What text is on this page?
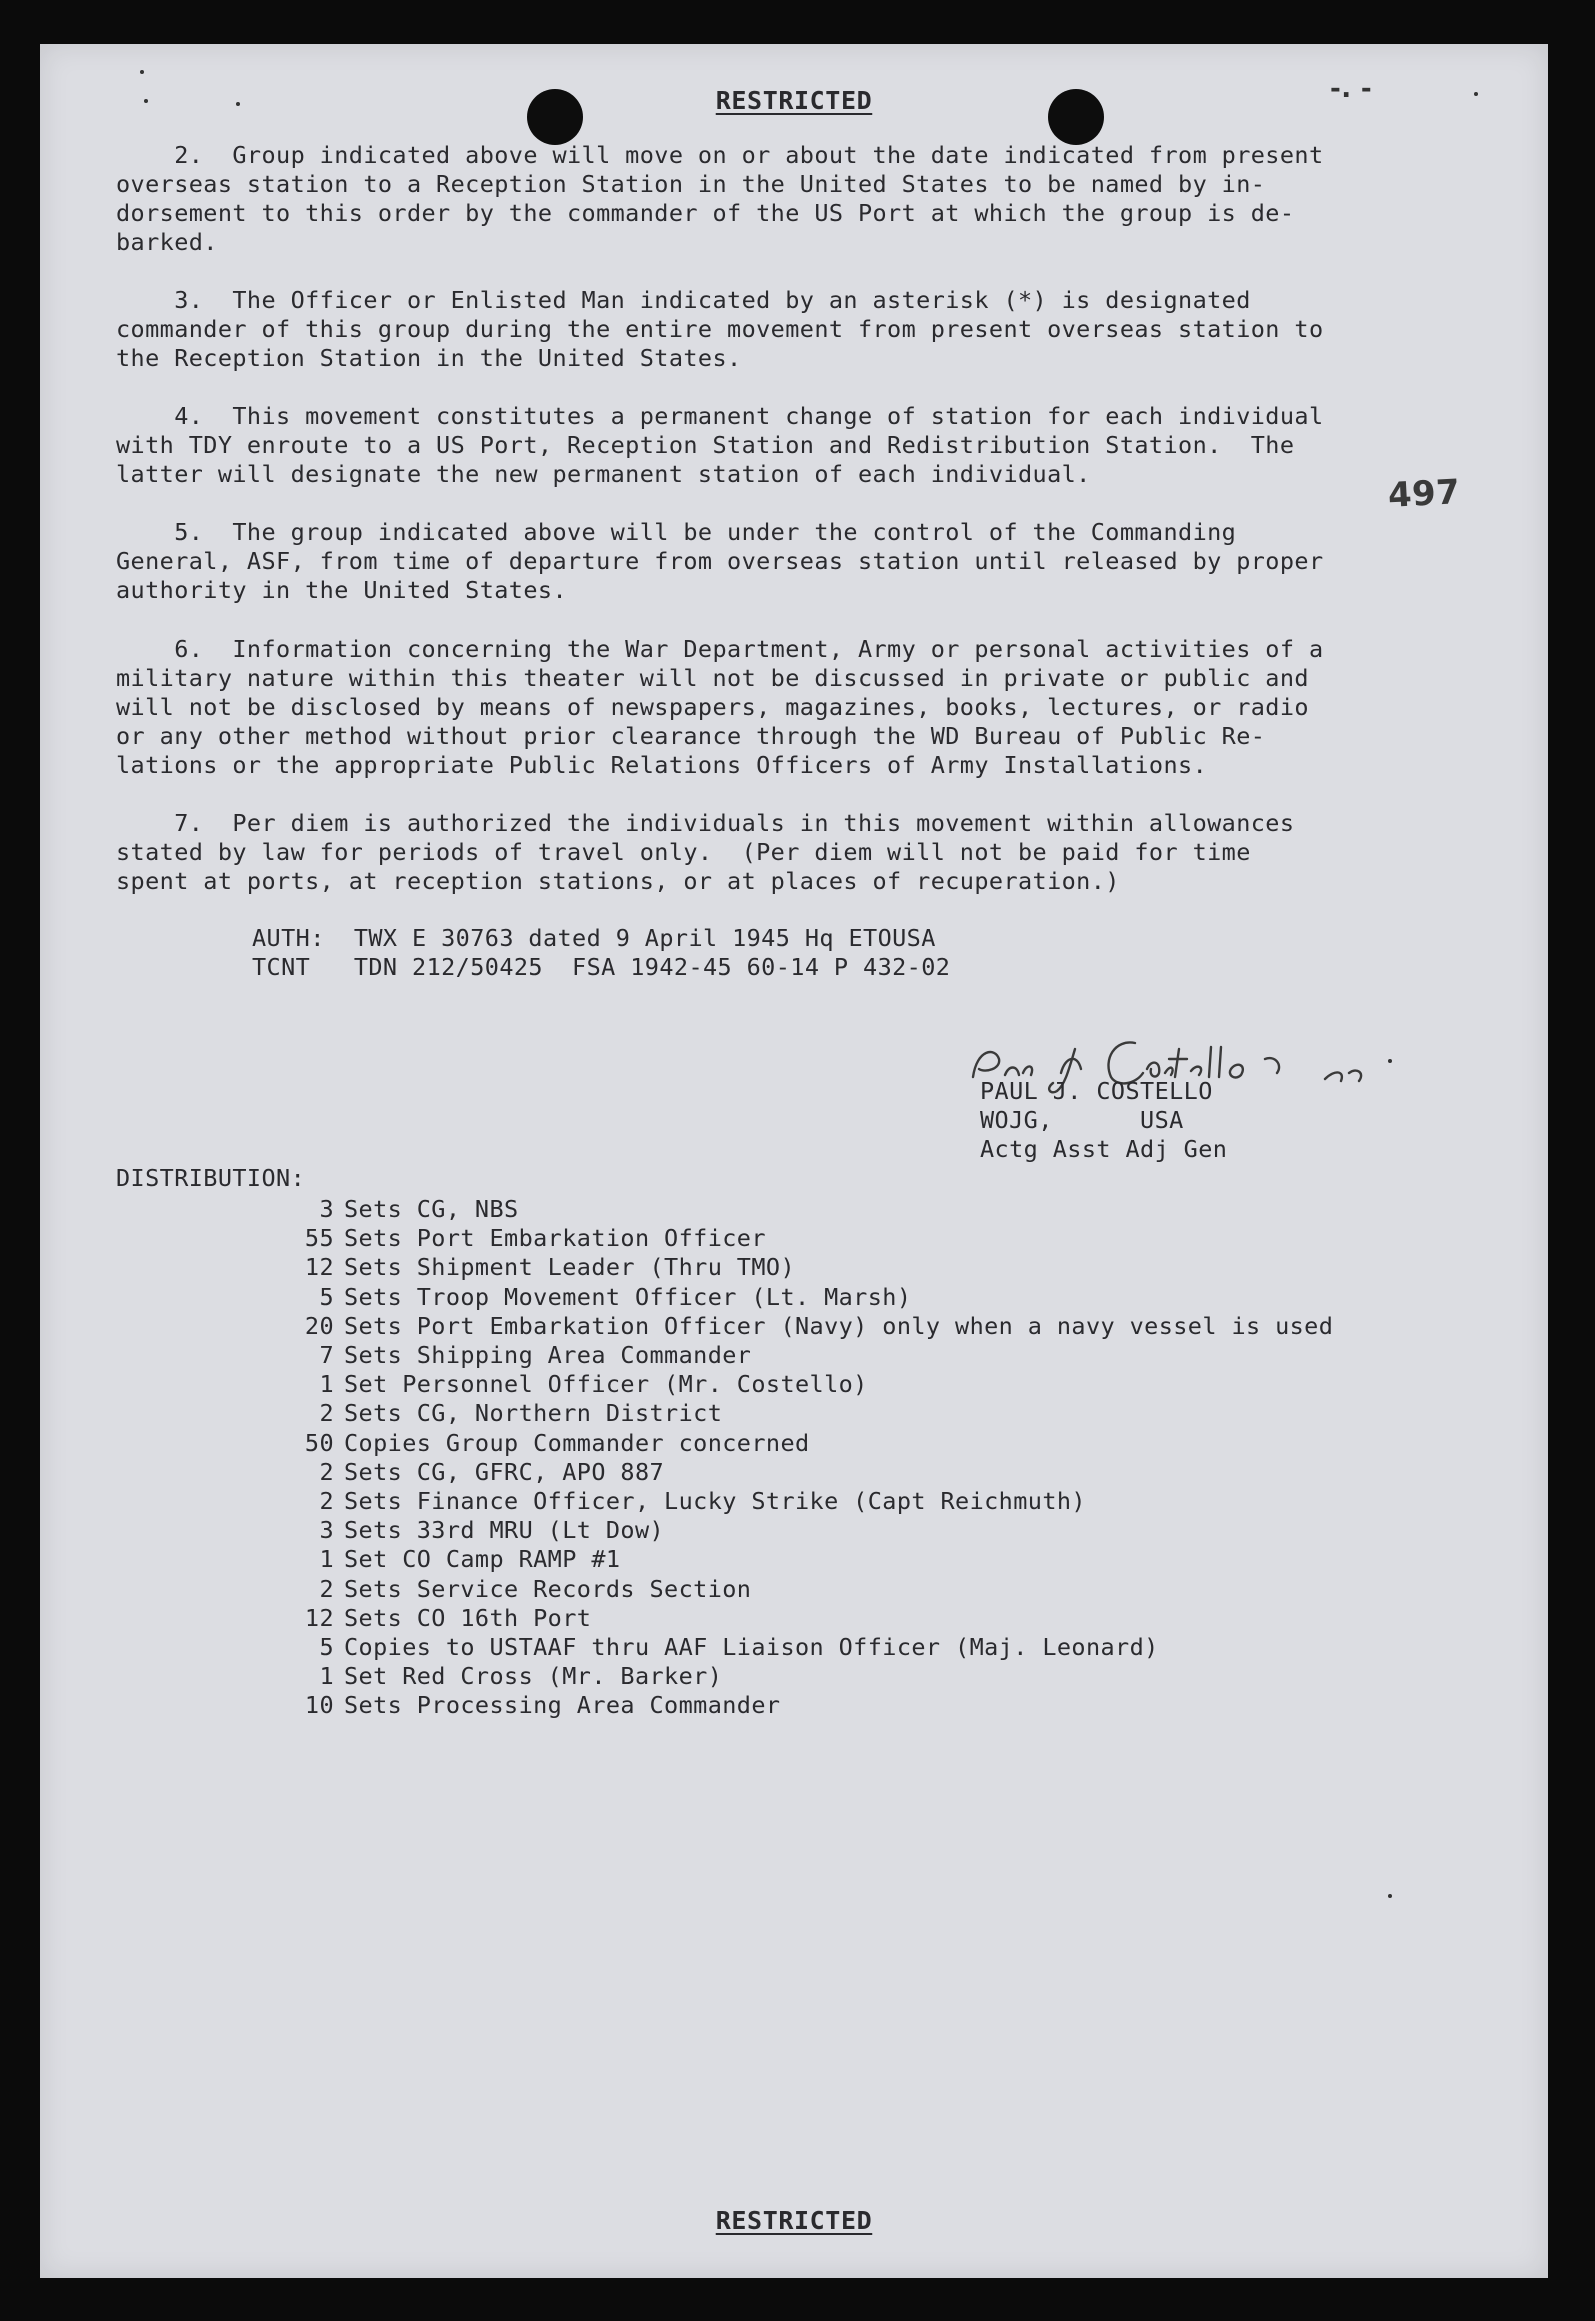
-. -
RESTRICTED
2.  Group indicated above will move on or about the date indicated from present
overseas station to a Reception Station in the United States to be named by in-
dorsement to this order by the commander of the US Port at which the group is de-
barked.
3.  The Officer or Enlisted Man indicated by an asterisk (*) is designated
commander of this group during the entire movement from present overseas station to
the Reception Station in the United States.
4.  This movement constitutes a permanent change of station for each individual
with TDY enroute to a US Port, Reception Station and Redistribution Station.  The
latter will designate the new permanent station of each individual.	497
5.  The group indicated above will be under the control of the Commanding
General, ASF, from time of departure from overseas station until released by proper
authority in the United States.
6.  Information concerning the War Department, Army or personal activities of a
military nature within this theater will not be discussed in private or public and
will not be disclosed by means of newspapers, magazines, books, lectures, or radio
or any other method without prior clearance through the WD Bureau of Public Re-
lations or the appropriate Public Relations Officers of Army Installations.
7.  Per diem is authorized the individuals in this movement within allowances
stated by law for periods of travel only.  (Per diem will not be paid for time
spent at ports, at reception stations, or at places of recuperation.)
AUTH:  TWX E 30763 dated 9 April 1945 Hq ETOUSA
TCNT   TDN 212/50425  FSA 1942-45 60-14 P 432-02
PAUL J. COSTELLO
WOJG,      USA
Actg Asst Adj Gen
DISTRIBUTION:
3 Sets CG, NBS
55 Sets Port Embarkation Officer
12 Sets Shipment Leader (Thru TMO)
5 Sets Troop Movement Officer (Lt. Marsh)
20 Sets Port Embarkation Officer (Navy) only when a navy vessel is used
7 Sets Shipping Area Commander
1 Set Personnel Officer (Mr. Costello)
2 Sets CG, Northern District
50 Copies Group Commander concerned
2 Sets CG, GFRC, APO 887
2 Sets Finance Officer, Lucky Strike (Capt Reichmuth)
3 Sets 33rd MRU (Lt Dow)
1 Set CO Camp RAMP #1
2 Sets Service Records Section
12 Sets CO 16th Port
5 Copies to USTAAF thru AAF Liaison Officer (Maj. Leonard)
1 Set Red Cross (Mr. Barker)
10 Sets Processing Area Commander
RESTRICTED
